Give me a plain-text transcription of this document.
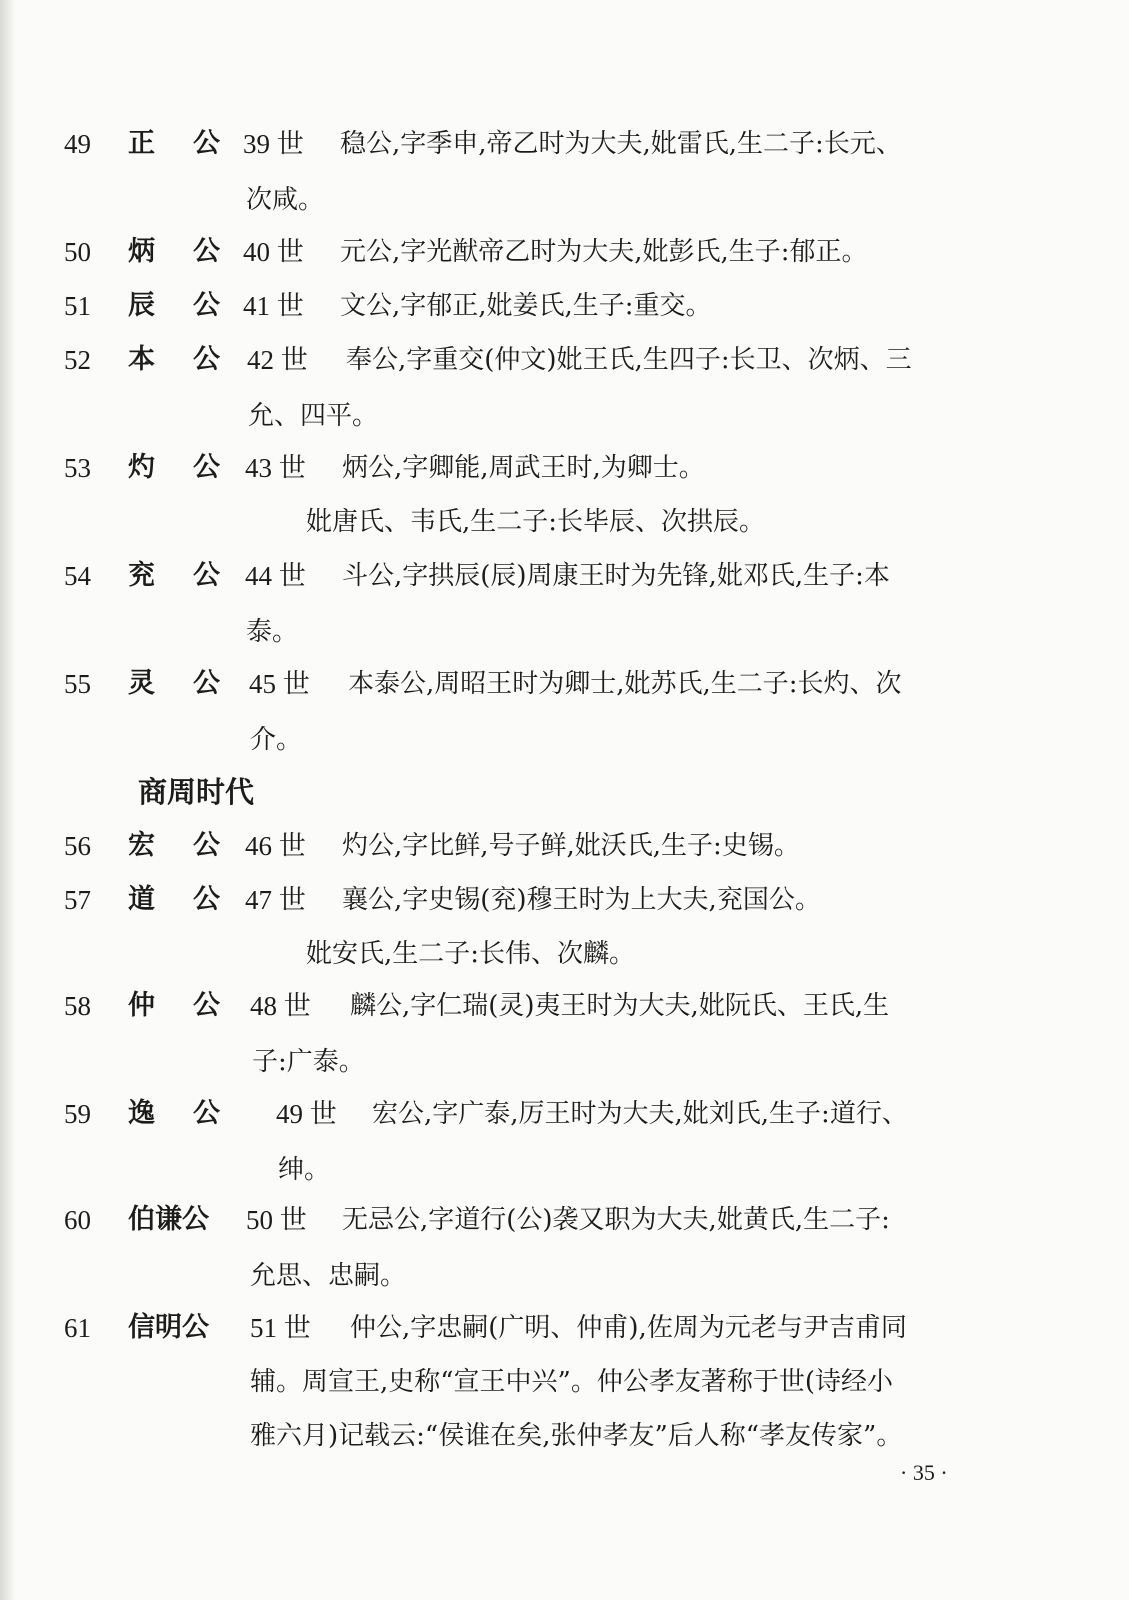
49	正 公 39 世	稳公,字季申,帝乙时为大夫,妣雷氏,生二子:长元、
次咸。
50	炳 公 40 世	元公,字光猷帝乙时为大夫,妣彭氏,生子:郁正。
51	辰 公 41 世	文公,字郁正,妣姜氏,生子:重交。
52	本 公 42 世	奉公,字重交(仲文)妣王氏,生四子:长卫、次炳、三
允、四平。
53	灼 公 43 世	炳公,字卿能,周武王时,为卿士。
妣唐氏、韦氏,生二子:长毕辰、次拱辰。
54	兖 公 44 世	斗公,字拱辰(辰)周康王时为先锋,妣邓氏,生子:本
泰。
55	灵 公 45 世	本泰公,周昭王时为卿士,妣苏氏,生二子:长灼、次
介。
商周时代
56	宏 公 46 世	灼公,字比鲜,号子鲜,妣沃氏,生子:史锡。
57	道 公 47 世	襄公,字史锡(兖)穆王时为上大夫,兖国公。
妣安氏,生二子:长伟、次麟。
58	仲 公 48 世	麟公,字仁瑞(灵)夷王时为大夫,妣阮氏、王氏,生
子:广泰。
59	逸 公 49 世	宏公,字广泰,厉王时为大夫,妣刘氏,生子:道行、
绅。
60	伯谦公	50 世	无忌公,字道行(公)袭又职为大夫,妣黄氏,生二子:
允思、忠嗣。
61	信明公	51 世	仲公,字忠嗣(广明、仲甫),佐周为元老与尹吉甫同
辅。周宣王,史称“宣王中兴”。仲公孝友著称于世(诗经小
雅六月)记载云:“侯谁在矣,张仲孝友”后人称“孝友传家”。
· 35 ·
